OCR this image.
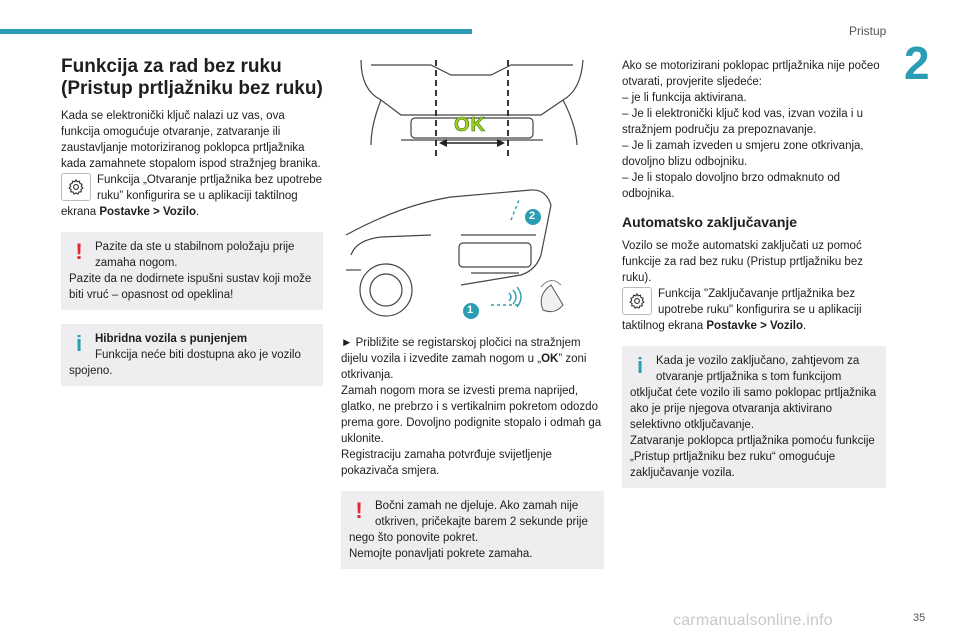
Pristup
2
Funkcija za rad bez ruku (Pristup prtljažniku bez ruku)

Kada se elektronički ključ nalazi uz vas, ova funkcija omogućuje otvaranje, zatvaranje ili zaustavljanje motoriziranog poklopca prtljažnika kada zamahnete stopalom ispod stražnjeg branika.

Funkcija „Otvaranje prtljažnika bez upotrebe ruku” konfigurira se u aplikaciji taktilnog ekrana Postavke > Vozilo.
!	Pazite da ste u stabilnom položaju prije zamaha nogom.
Pazite da ne dodirnete ispušni sustav koji može biti vruć – opasnost od opeklina!
i	Hibridna vozila s punjenjem
Funkcija neće biti dostupna ako je vozilo spojeno.
OK
1
2

► Približite se registarskoj pločici na stražnjem dijelu vozila i izvedite zamah nogom u „OK” zoni otkrivanja.

Zamah nogom mora se izvesti prema naprijed, glatko, ne prebrzo i s vertikalnim pokretom odozdo prema gore. Dovoljno podignite stopalo i odmah ga uklonite.

Registraciju zamaha potvrđuje svijetljenje pokazivača smjera.

!	Bočni zamah ne djeluje. Ako zamah nije otkriven, pričekajte barem 2 sekunde prije nego što ponovite pokret.
Nemojte ponavljati pokrete zamaha.

Ako se motorizirani poklopac prtljažnika nije počeo otvarati, provjerite sljedeće:

– je li funkcija aktivirana.
– Je li elektronički ključ kod vas, izvan vozila i u stražnjem području za prepoznavanje.
– Je li zamah izveden u smjeru zone otkrivanja, dovoljno blizu odbojniku.
– Je li stopalo dovoljno brzo odmaknuto od odbojnika.
Automatsko zaključavanje

Vozilo se može automatski zaključati uz pomoć funkcije za rad bez ruku (Pristup prtljažniku bez ruku).

Funkcija "Zaključavanje prtljažnika bez upotrebe ruku" konfigurira se u aplikaciji taktilnog ekrana Postavke > Vozilo.
i	Kada je vozilo zaključano, zahtjevom za otvaranje prtljažnika s tom funkcijom otključat ćete vozilo ili samo poklopac prtljažnika ako je prije njegova otvaranja aktivirano selektivno otključavanje.
Zatvaranje poklopca prtljažnika pomoću funkcije „Pristup prtljažniku bez ruku“ omogućuje zaključavanje vozila.
carmanualsonline.info	35
